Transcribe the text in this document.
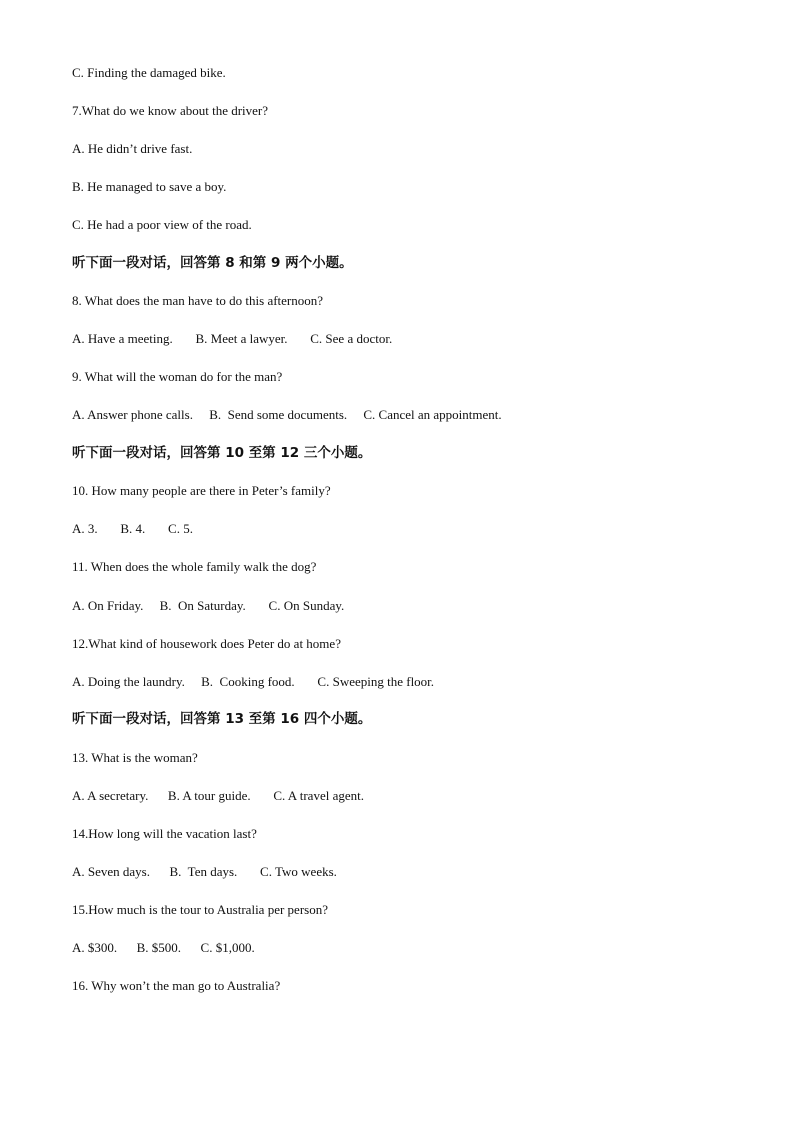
C. Finding the damaged bike.
7.What do we know about the driver?
A. He didn’t drive fast.
B. He managed to save a boy.
C. He had a poor view of the road.
听下面一段对话，回答第 8 和第 9 两个小题。
8. What does the man have to do this afternoon?
A. Have a meeting.       B. Meet a lawyer.       C. See a doctor.
9. What will the woman do for the man?
A. Answer phone calls.     B.  Send some documents.     C. Cancel an appointment.
听下面一段对话，回答第 10 至第 12 三个小题。
10. How many people are there in Peter’s family?
A. 3.       B. 4.       C. 5.
11. When does the whole family walk the dog?
A. On Friday.     B.  On Saturday.       C. On Sunday.
12.What kind of housework does Peter do at home?
A. Doing the laundry.     B.  Cooking food.       C. Sweeping the floor.
听下面一段对话，回答第 13 至第 16 四个小题。
13. What is the woman?
A. A secretary.      B. A tour guide.       C. A travel agent.
14.How long will the vacation last?
A. Seven days.      B.  Ten days.       C. Two weeks.
15.How much is the tour to Australia per person?
A. $300.      B. $500.      C. $1,000.
16. Why won’t the man go to Australia?
